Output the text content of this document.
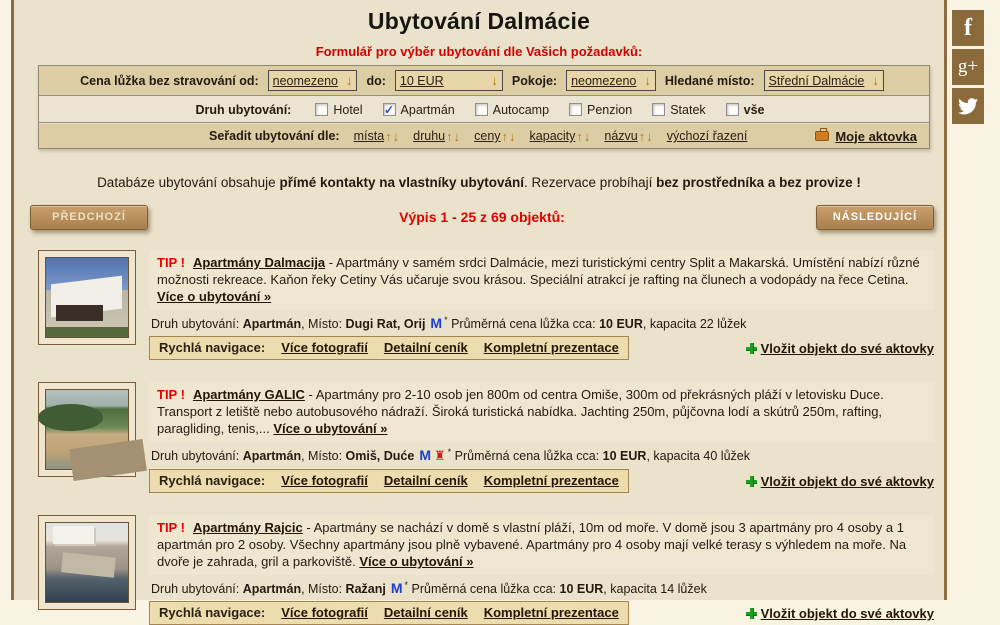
Ubytování Dalmácie
Formulář pro výběr ubytování dle Vašich požadavků:
Cena lůžka bez stravování od: neomezeno ↓ do: 10 EUR	↓ Pokoje: neomezeno ↓ Hledané místo: Střední Dalmácie ↓
Druh ubytování:	Hotel ✓	Apartmán	Autocamp	Penzion	Statek	vše
Seřadit ubytování dle: místa ↑ ↓ druhu ↑ ↓ ceny ↑ ↓ kapacity ↑ ↓ názvu ↑ ↓ výchozí řazení	Moje aktovka
Databáze ubytování obsahuje přímé kontakty na vlastníky ubytování. Rezervace probíhají bez prostředníka a bez provize !
PŘEDCHOZÍ	Výpis 1 - 25 z 69 objektů:	NÁSLEDUJÍCÍ

TIP ! Apartmány Dalmacija - Apartmány v samém srdci Dalmácie, mezi turistickými centry Split a Makarská. Umístění nabízí různé možnosti rekreace. Kaňon řeky Cetiny Vás učaruje svou krásou. Speciální atrakcí je rafting na člunech a vodopády na řece Cetina. Více o ubytování »

Druh ubytování: Apartmán, Místo: Dugi Rat, Orij M * Průměrná cena lůžka cca: 10 EUR, kapacita 22 lůžek
Rychlá navigace: Více fotografií Detailní ceník Kompletní prezentace	Vložit objekt do své aktovky

TIP ! Apartmány GALIC - Apartmány pro 2-10 osob jen 800m od centra Omiše, 300m od překrásných pláží v letovisku Duce. Transport z letiště nebo autobusového nádraží. Široká turistická nabídka. Jachting 250m, půjčovna lodí a skútrů 250m, rafting, paragliding, tenis,... Více o ubytování »

Druh ubytování: Apartmán, Místo: Omiš, Duće M ♜ * Průměrná cena lůžka cca: 10 EUR, kapacita 40 lůžek
Rychlá navigace: Více fotografií Detailní ceník Kompletní prezentace	Vložit objekt do své aktovky

TIP ! Apartmány Rajcic - Apartmány se nachází v domě s vlastní pláží, 10m od moře. V domě jsou 3 apartmány pro 4 osoby a 1 apartmán pro 2 osoby. Všechny apartmány jsou plně vybavené. Apartmány pro 4 osoby mají velké terasy s výhledem na moře. Na dvoře je zahrada, gril a parkoviště. Více o ubytování »

Druh ubytování: Apartmán, Místo: Ražanj M * Průměrná cena lůžka cca: 10 EUR, kapacita 14 lůžek
Rychlá navigace: Více fotografií Detailní ceník Kompletní prezentace	Vložit objekt do své aktovky
f
g+
